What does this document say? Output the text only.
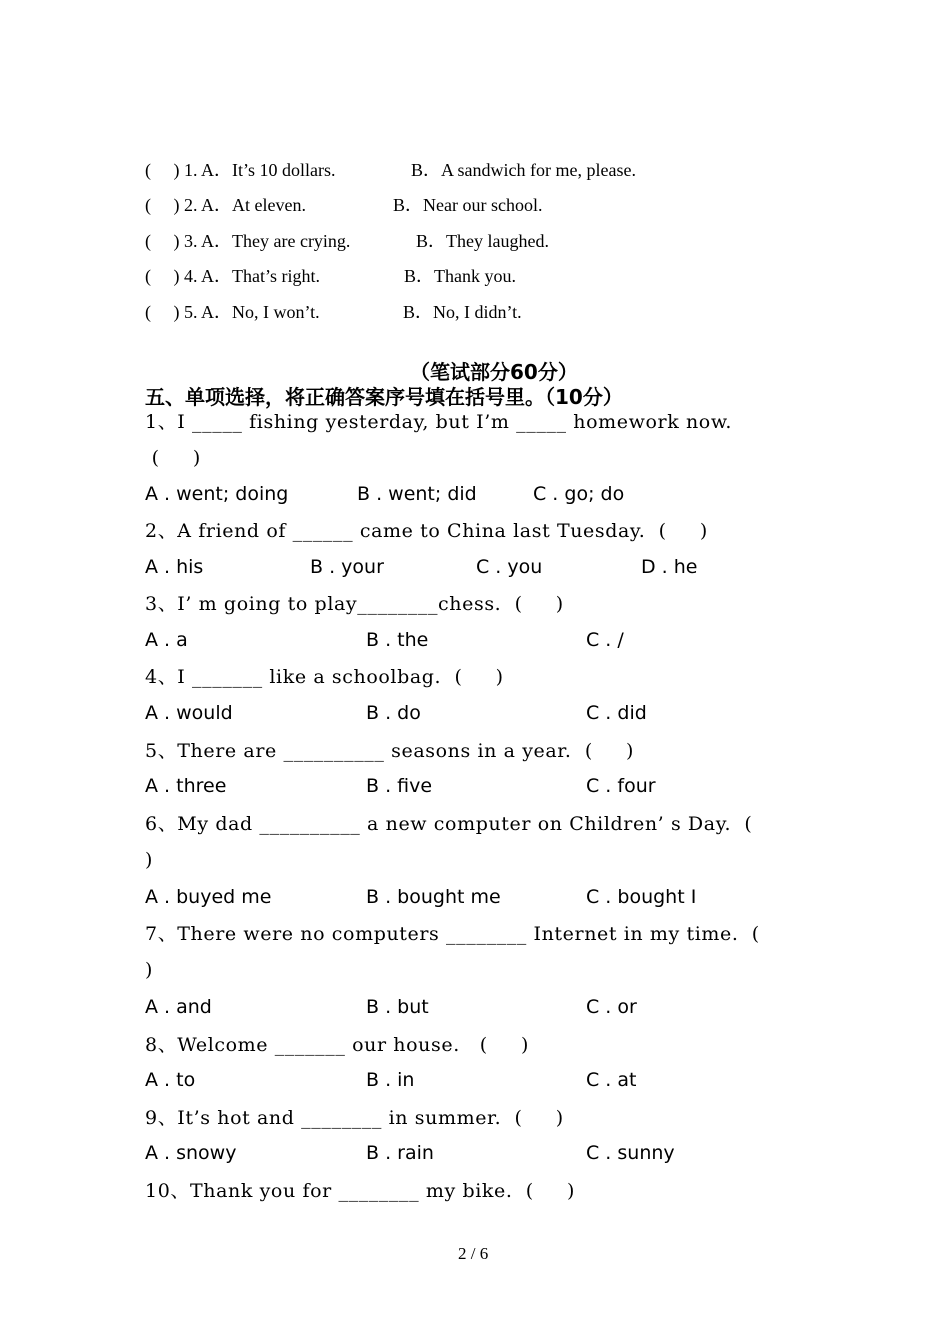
(     ) 1. A．It’s 10 dollars.	B．A sandwich for me, please.
(     ) 2. A．At eleven.	B．Near our school.
(     ) 3. A．They are crying.	B．They laughed.
(     ) 4. A．That’s right.	B．Thank you.
(     ) 5. A．No, I won’t.	B．No, I didn’t.
（笔试部分60分）
五、单项选择，将正确答案序号填在括号里。（10分）
1、I _____ fishing yesterday, but I’m _____ homework now.
(     )
A . went; doing	B . went; did	C . go; do
2、A friend of ______ came to China last Tuesday.  (     )
A . his	B . your	C . you	D . he
3、I’ m going to play________chess.  (     )
A . a	B . the	C . /
4、I _______ like a schoolbag.  (     )
A . would	B . do	C . did
5、There are __________ seasons in a year.  (     )
A . three	B . five	C . four
6、My dad __________ a new computer on Children’ s Day.  (
)
A . buyed me	B . bought me	C . bought I
7、There were no computers ________ Internet in my time.  (
)
A . and	B . but	C . or
8、Welcome _______ our house.   (     )
A . to	B . in	C . at
9、It’s hot and ________ in summer.  (     )
A . snowy	B . rain	C . sunny
10、Thank you for ________ my bike.  (     )
2 / 6
